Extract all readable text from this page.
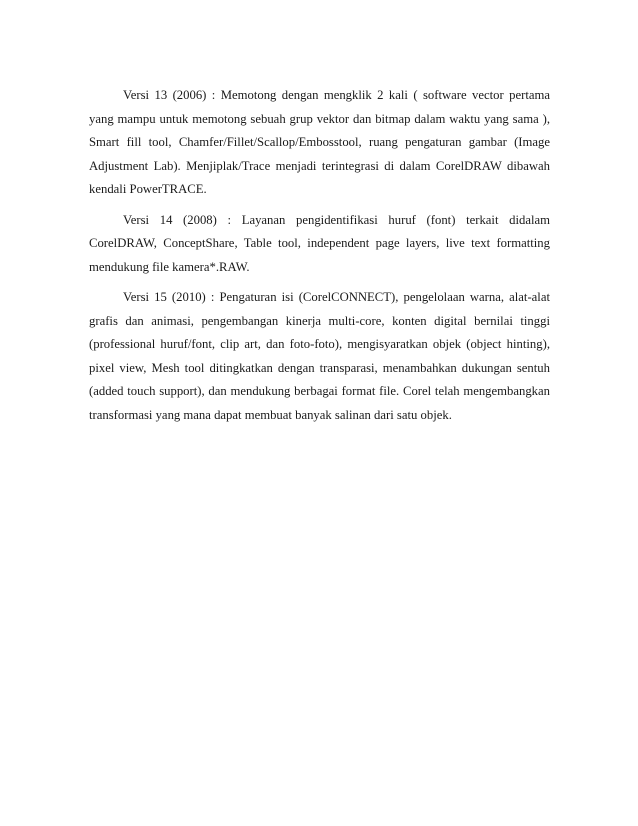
Versi 13 (2006) : Memotong dengan mengklik 2 kali ( software vector pertama yang mampu untuk memotong sebuah grup vektor dan bitmap dalam waktu yang sama ), Smart fill tool, Chamfer/Fillet/Scallop/Embosstool, ruang pengaturan gambar (Image Adjustment Lab). Menjiplak/Trace menjadi terintegrasi di dalam CorelDRAW dibawah kendali PowerTRACE.

Versi 14 (2008) : Layanan pengidentifikasi huruf (font) terkait didalam CorelDRAW, ConceptShare, Table tool, independent page layers, live text formatting mendukung file kamera*.RAW.

Versi 15 (2010) : Pengaturan isi (CorelCONNECT), pengelolaan warna, alat-alat grafis dan animasi, pengembangan kinerja multi-core, konten digital bernilai tinggi (professional huruf/font, clip art, dan foto-foto), mengisyaratkan objek (object hinting), pixel view, Mesh tool ditingkatkan dengan transparasi, menambahkan dukungan sentuh (added touch support), dan mendukung berbagai format file. Corel telah mengembangkan transformasi yang mana dapat membuat banyak salinan dari satu objek.
